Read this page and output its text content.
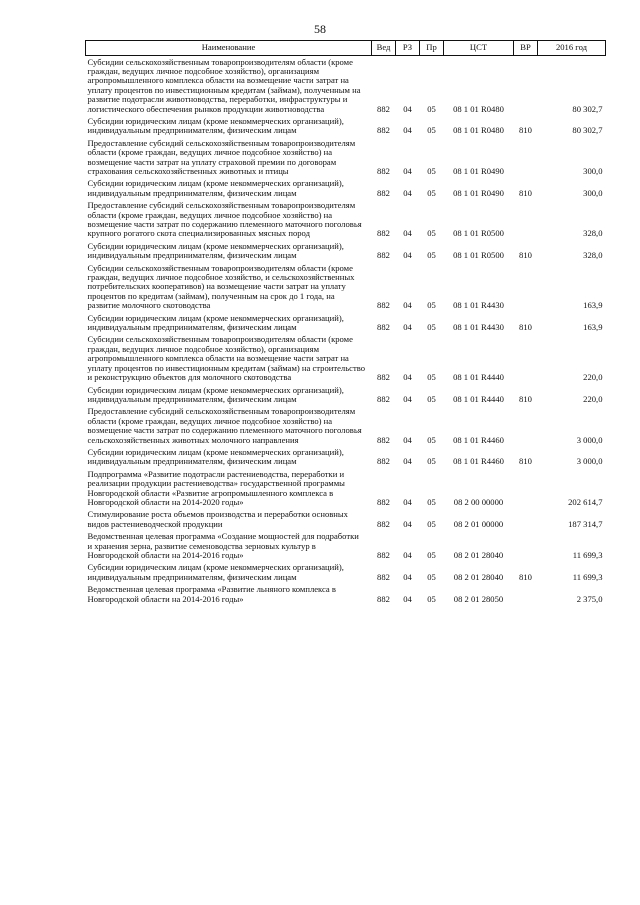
58
Наименование	Вед	РЗ	Пр	ЦСТ	ВР	2016 год
Субсидии сельскохозяйственным товаропроизводителям области (кроме граждан, ведущих личное подсобное хозяйство), организациям агропромышленного комплекса области на возмещение части затрат на уплату процентов по инвестиционным кредитам (займам), полученным на развитие подотрасли животноводства, переработки, инфраструктуры и логистического обеспечения рынков продукции животноводства	882	04	05	08 1 01 R0480		80 302,7
Субсидии юридическим лицам (кроме некоммерческих организаций), индивидуальным предпринимателям, физическим лицам	882	04	05	08 1 01 R0480	810	80 302,7
Предоставление субсидий сельскохозяйственным товаропроизводителям области (кроме граждан, ведущих личное подсобное хозяйство) на возмещение части затрат на уплату страховой премии по договорам страхования сельскохозяйственных животных и птицы	882	04	05	08 1 01 R0490		300,0
Субсидии юридическим лицам (кроме некоммерческих организаций), индивидуальным предпринимателям, физическим лицам	882	04	05	08 1 01 R0490	810	300,0
Предоставление субсидий сельскохозяйственным товаропроизводителям области (кроме граждан, ведущих личное подсобное хозяйство) на возмещение части затрат по содержанию племенного маточного поголовья крупного рогатого скота специализированных мясных пород	882	04	05	08 1 01 R0500		328,0
Субсидии юридическим лицам (кроме некоммерческих организаций), индивидуальным предпринимателям, физическим лицам	882	04	05	08 1 01 R0500	810	328,0
Субсидии сельскохозяйственным товаропроизводителям области (кроме граждан, ведущих личное подсобное хозяйство, и сельскохозяйственных потребительских кооперативов) на возмещение части затрат на уплату процентов по кредитам (займам), полученным на срок до 1 года, на развитие молочного скотоводства	882	04	05	08 1 01 R4430		163,9
Субсидии юридическим лицам (кроме некоммерческих организаций), индивидуальным предпринимателям, физическим лицам	882	04	05	08 1 01 R4430	810	163,9
Субсидии сельскохозяйственным товаропроизводителям области (кроме граждан, ведущих личное подсобное хозяйство), организациям агропромышленного комплекса области на возмещение части затрат на уплату процентов по инвестиционным кредитам (займам) на строительство и реконструкцию объектов для молочного скотоводства	882	04	05	08 1 01 R4440		220,0
Субсидии юридическим лицам (кроме некоммерческих организаций), индивидуальным предпринимателям, физическим лицам	882	04	05	08 1 01 R4440	810	220,0
Предоставление субсидий сельскохозяйственным товаропроизводителям области (кроме граждан, ведущих личное подсобное хозяйство) на возмещение части затрат по содержанию племенного маточного поголовья сельскохозяйственных животных молочного направления	882	04	05	08 1 01 R4460		3 000,0
Субсидии юридическим лицам (кроме некоммерческих организаций), индивидуальным предпринимателям, физическим лицам	882	04	05	08 1 01 R4460	810	3 000,0
Подпрограмма «Развитие подотрасли растениеводства, переработки и реализации продукции растениеводства» государственной программы Новгородской области «Развитие агропромышленного комплекса в Новгородской области на 2014-2020 годы»	882	04	05	08 2 00 00000		202 614,7
Стимулирование роста объемов производства и переработки основных видов растениеводческой продукции	882	04	05	08 2 01 00000		187 314,7
Ведомственная целевая программа «Создание мощностей для подработки и хранения зерна, развитие семеноводства зерновых культур в Новгородской области на 2014-2016 годы»	882	04	05	08 2 01 28040		11 699,3
Субсидии юридическим лицам (кроме некоммерческих организаций), индивидуальным предпринимателям, физическим лицам	882	04	05	08 2 01 28040	810	11 699,3
Ведомственная целевая программа «Развитие льняного комплекса в Новгородской области на 2014-2016 годы»	882	04	05	08 2 01 28050		2 375,0
